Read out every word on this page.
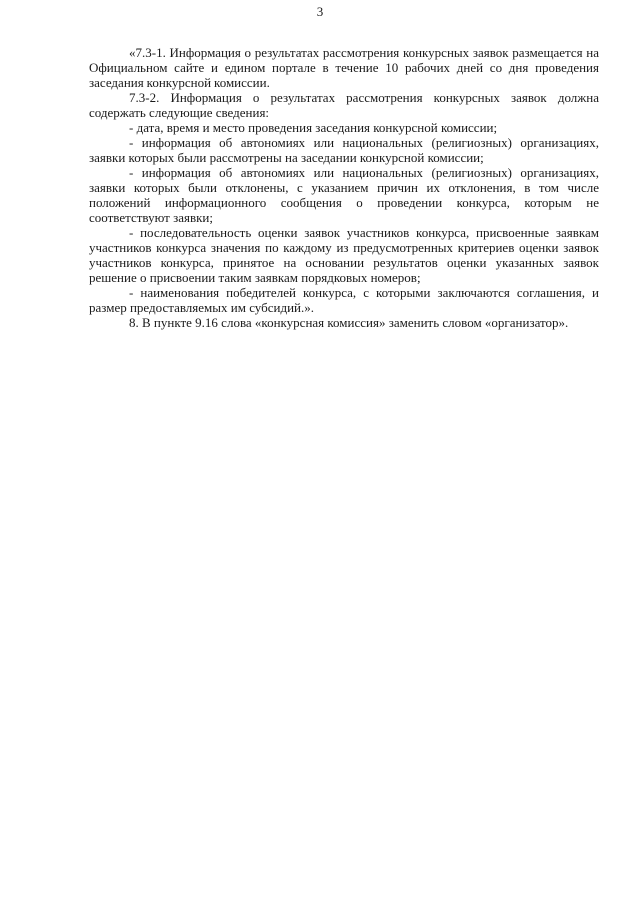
3

«7.3-1. Информация о результатах рассмотрения конкурсных заявок размещается на Официальном сайте и едином портале в течение 10 рабочих дней со дня проведения заседания конкурсной комиссии.

7.3-2. Информация о результатах рассмотрения конкурсных заявок должна содержать следующие сведения:

- дата, время и место проведения заседания конкурсной комиссии;

- информация об автономиях или национальных (религиозных) организациях, заявки которых были рассмотрены на заседании конкурсной комиссии;

- информация об автономиях или национальных (религиозных) организациях, заявки которых были отклонены, с указанием причин их отклонения, в том числе положений информационного сообщения о проведении конкурса, которым не соответствуют заявки;

- последовательность оценки заявок участников конкурса, присвоенные заявкам участников конкурса значения по каждому из предусмотренных критериев оценки заявок участников конкурса, принятое на основании результатов оценки указанных заявок решение о присвоении таким заявкам порядковых номеров;

- наименования победителей конкурса, с которыми заключаются соглашения, и размер предоставляемых им субсидий.».

8. В пункте 9.16 слова «конкурсная комиссия» заменить словом «организатор».
